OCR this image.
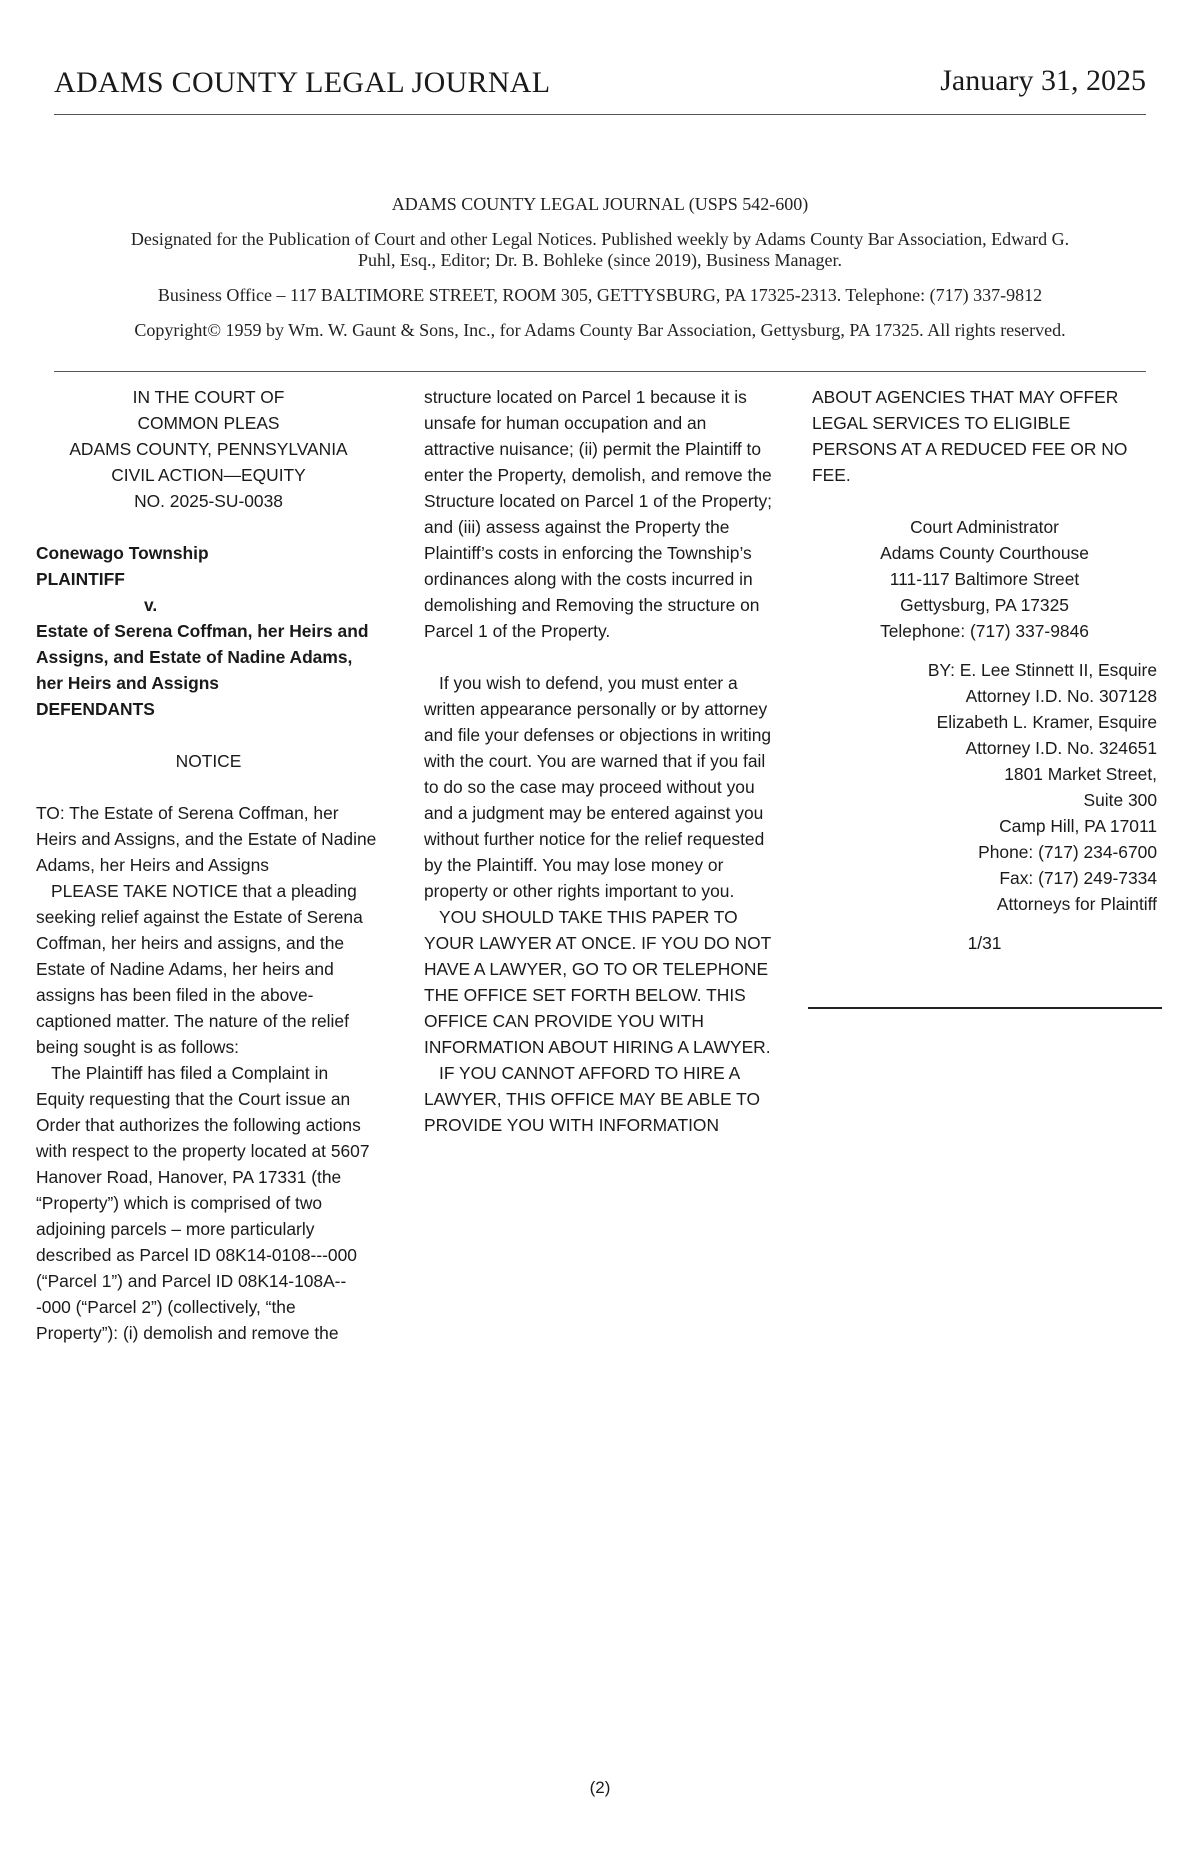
ADAMS COUNTY LEGAL JOURNAL	January 31, 2025

ADAMS COUNTY LEGAL JOURNAL (USPS 542-600)

Designated for the Publication of Court and other Legal Notices. Published weekly by Adams County Bar Association, Edward G. Puhl, Esq., Editor; Dr. B. Bohleke (since 2019), Business Manager.

Business Office – 117 BALTIMORE STREET, ROOM 305, GETTYSBURG, PA 17325-2313. Telephone: (717) 337-9812

Copyright© 1959 by Wm. W. Gaunt & Sons, Inc., for Adams County Bar Association, Gettysburg, PA 17325. All rights reserved.

IN THE COURT OF

COMMON PLEAS

ADAMS COUNTY, PENNSYLVANIA

CIVIL ACTION—EQUITY

NO. 2025-SU-0038

Conewago Township

PLAINTIFF

v.

Estate of Serena Coffman, her Heirs and Assigns, and Estate of Nadine Adams, her Heirs and Assigns

DEFENDANTS

NOTICE

TO: The Estate of Serena Coffman, her Heirs and Assigns, and the Estate of Nadine Adams, her Heirs and Assigns

PLEASE TAKE NOTICE that a pleading seeking relief against the Estate of Serena Coffman, her heirs and assigns, and the Estate of Nadine Adams, her heirs and assigns has been filed in the above-captioned matter. The nature of the relief being sought is as follows:

The Plaintiff has filed a Complaint in Equity requesting that the Court issue an Order that authorizes the following actions with respect to the property located at 5607 Hanover Road, Hanover, PA 17331 (the “Property”) which is comprised of two adjoining parcels – more particularly described as Parcel ID 08K14-0108---000 (“Parcel 1”) and Parcel ID 08K14-108A---000 (“Parcel 2”) (collectively, “the Property”): (i) demolish and remove the

structure located on Parcel 1 because it is unsafe for human occupation and an attractive nuisance; (ii) permit the Plaintiff to enter the Property, demolish, and remove the Structure located on Parcel 1 of the Property; and (iii) assess against the Property the Plaintiff’s costs in enforcing the Township’s ordinances along with the costs incurred in demolishing and Removing the structure on Parcel 1 of the Property.

If you wish to defend, you must enter a written appearance personally or by attorney and file your defenses or objections in writing with the court. You are warned that if you fail to do so the case may proceed without you and a judgment may be entered against you without further notice for the relief requested by the Plaintiff. You may lose money or property or other rights important to you.

YOU SHOULD TAKE THIS PAPER TO YOUR LAWYER AT ONCE. IF YOU DO NOT HAVE A LAWYER, GO TO OR TELEPHONE THE OFFICE SET FORTH BELOW. THIS OFFICE CAN PROVIDE YOU WITH INFORMATION ABOUT HIRING A LAWYER.

IF YOU CANNOT AFFORD TO HIRE A LAWYER, THIS OFFICE MAY BE ABLE TO PROVIDE YOU WITH INFORMATION

ABOUT AGENCIES THAT MAY OFFER LEGAL SERVICES TO ELIGIBLE PERSONS AT A REDUCED FEE OR NO FEE.

Court Administrator

Adams County Courthouse

111-117 Baltimore Street

Gettysburg, PA 17325

Telephone: (717) 337-9846

BY: E. Lee Stinnett II, Esquire

Attorney I.D. No. 307128

Elizabeth L. Kramer, Esquire

Attorney I.D. No. 324651

1801 Market Street,

Suite 300

Camp Hill, PA 17011

Phone: (717) 234-6700

Fax: (717) 249-7334

Attorneys for Plaintiff

1/31

(2)
